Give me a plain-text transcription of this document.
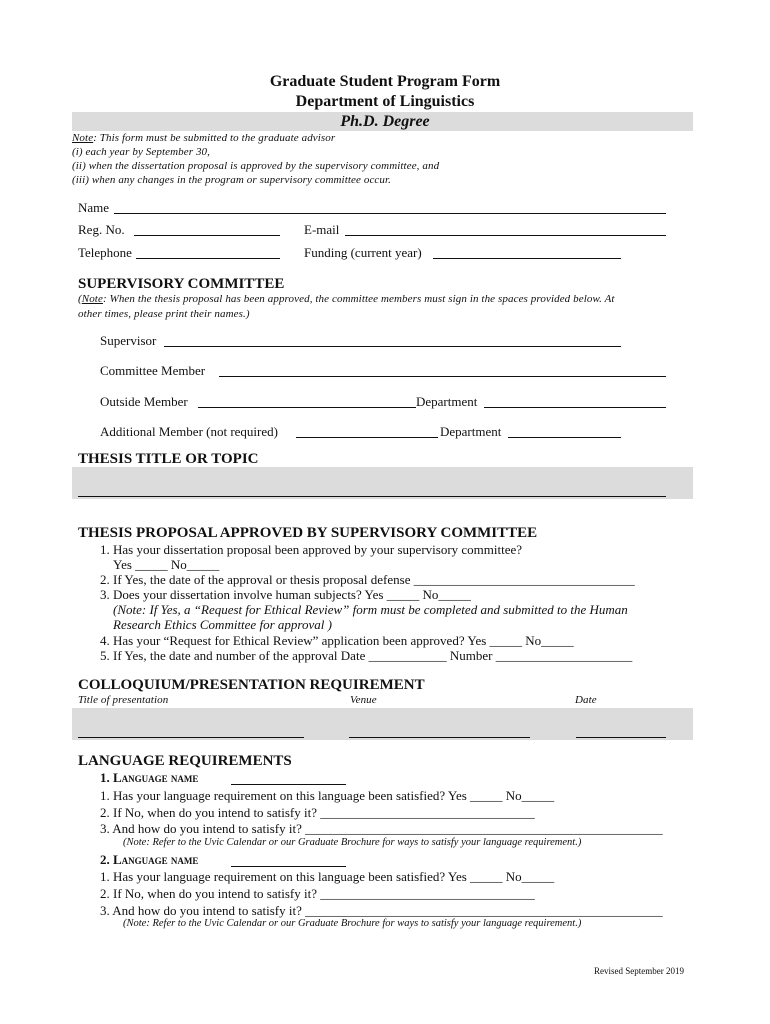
Graduate Student Program Form
Department of Linguistics
Ph.D. Degree
Note: This form must be submitted to the graduate advisor
(i) each year by September 30,
(ii) when the dissertation proposal is approved by the supervisory committee, and
(iii) when any changes in the program or supervisory committee occur.
Name
Reg. No.	E-mail
Telephone	Funding (current year)
SUPERVISORY COMMITTEE
(Note: When the thesis proposal has been approved, the committee members must sign in the spaces provided below. At
other times, please print their names.)
Supervisor
Committee Member
Outside Member	Department
Additional Member (not required)	Department
THESIS TITLE OR TOPIC
THESIS PROPOSAL APPROVED BY SUPERVISORY COMMITTEE
1. Has your dissertation proposal been approved by your supervisory committee?
Yes _____ No_____
2. If Yes, the date of the approval or thesis proposal defense __________________________________
3. Does your dissertation involve human subjects? Yes _____ No_____
(Note: If Yes, a “Request for Ethical Review” form must be completed and submitted to the Human
Research Ethics Committee for approval )
4. Has your “Request for Ethical Review” application been approved? Yes _____ No_____
5. If Yes, the date and number of the approval Date ____________ Number _____________________
COLLOQUIUM/PRESENTATION REQUIREMENT
Title of presentation	Venue	Date
LANGUAGE REQUIREMENTS
1. Language name
1. Has your language requirement on this language been satisfied? Yes _____ No_____
2. If No, when do you intend to satisfy it? _________________________________
3. And how do you intend to satisfy it? _______________________________________________________
(Note: Refer to the Uvic Calendar or our Graduate Brochure for ways to satisfy your language requirement.)
2. Language name
1. Has your language requirement on this language been satisfied? Yes _____ No_____
2. If No, when do you intend to satisfy it? _________________________________
3. And how do you intend to satisfy it? _______________________________________________________
(Note: Refer to the Uvic Calendar or our Graduate Brochure for ways to satisfy your language requirement.)
Revised September 2019
